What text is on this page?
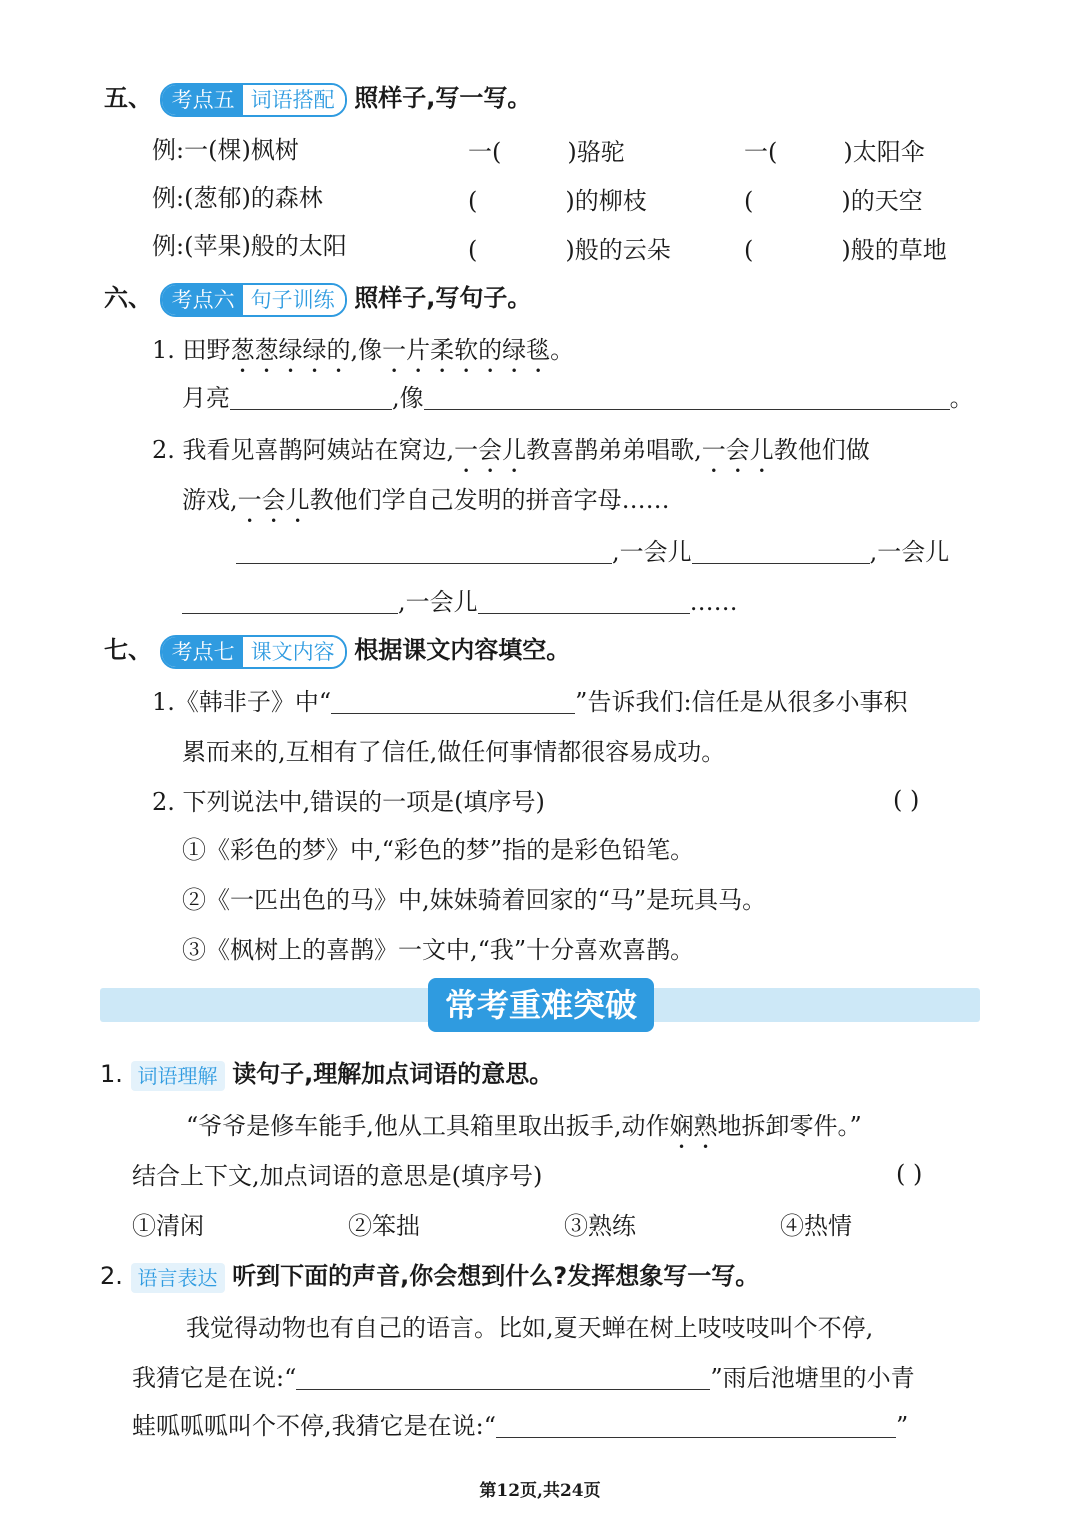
五、 考点五 词语搭配 照样子,写一写。
例:一(棵)枫树	一(	)骆驼	一(	)太阳伞
例:(葱郁)的森林	(	)的柳枝	(	)的天空
例:(苹果)般的太阳	(	)般的云朵	(	)般的草地
六、 考点六 句子训练 照样子,写句子。
1. 田野葱葱绿绿的,像一片柔软的绿毯。
月亮	,像	。
2. 我看见喜鹊阿姨站在窝边,一会儿教喜鹊弟弟唱歌,一会儿教他们做
游戏,一会儿教他们学自己发明的拼音字母……
,一会儿	,一会儿
,一会儿	……
七、 考点七 课文内容 根据课文内容填空。
1.《韩非子》中“	”告诉我们:信任是从很多小事积
累而来的,互相有了信任,做任何事情都很容易成功。
2. 下列说法中,错误的一项是(填序号)	( )
①《彩色的梦》中,“彩色的梦”指的是彩色铅笔。
②《一匹出色的马》中,妹妹骑着回家的“马”是玩具马。
③《枫树上的喜鹊》一文中,“我”十分喜欢喜鹊。
常考重难突破
1. 词语理解 读句子,理解加点词语的意思。
“爷爷是修车能手,他从工具箱里取出扳手,动作娴熟地拆卸零件。”
结合上下文,加点词语的意思是(填序号)	( )
①清闲	②笨拙	③熟练	④热情
2. 语言表达 听到下面的声音,你会想到什么?发挥想象写一写。
我觉得动物也有自己的语言。比如,夏天蝉在树上吱吱吱叫个不停,
我猜它是在说:“	”雨后池塘里的小青
蛙呱呱呱叫个不停,我猜它是在说:“	”
第12页,共24页
